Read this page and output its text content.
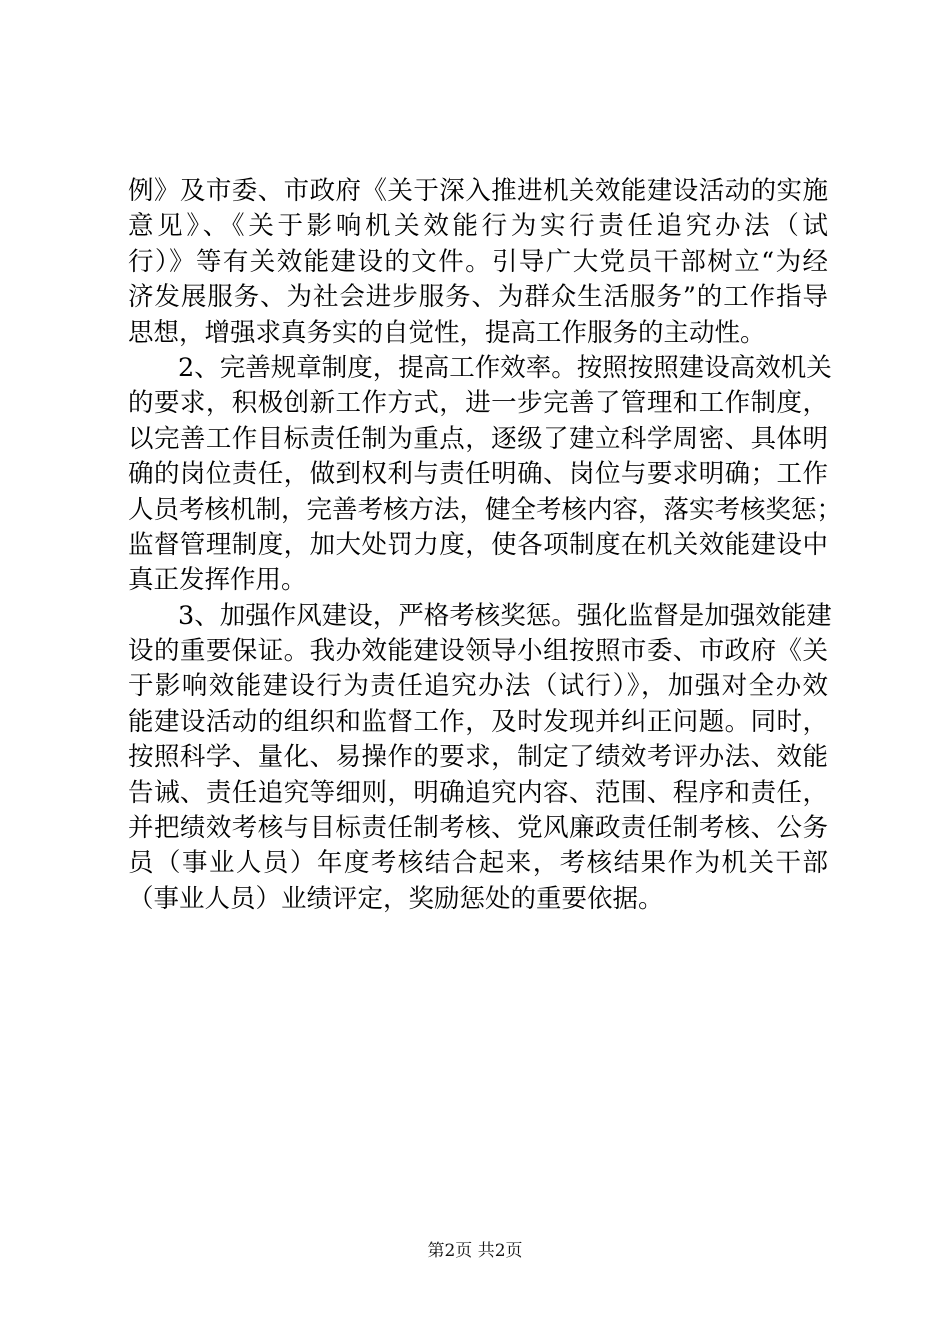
例》及市委、市政府《关于深入推进机关效能建设活动的实施
意见》、《关于影响机关效能行为实行责任追究办法（试
行）》等有关效能建设的文件。引导广大党员干部树立“为经
济发展服务、为社会进步服务、为群众生活服务”的工作指导
思想，增强求真务实的自觉性，提高工作服务的主动性。
2、完善规章制度，提高工作效率。按照按照建设高效机关
的要求，积极创新工作方式，进一步完善了管理和工作制度，
以完善工作目标责任制为重点，逐级了建立科学周密、具体明
确的岗位责任，做到权利与责任明确、岗位与要求明确；工作
人员考核机制，完善考核方法，健全考核内容，落实考核奖惩；
监督管理制度，加大处罚力度，使各项制度在机关效能建设中
真正发挥作用。
3、加强作风建设，严格考核奖惩。强化监督是加强效能建
设的重要保证。我办效能建设领导小组按照市委、市政府《关
于影响效能建设行为责任追究办法（试行）》，加强对全办效
能建设活动的组织和监督工作，及时发现并纠正问题。同时，
按照科学、量化、易操作的要求，制定了绩效考评办法、效能
告诫、责任追究等细则，明确追究内容、范围、程序和责任，
并把绩效考核与目标责任制考核、党风廉政责任制考核、公务
员（事业人员）年度考核结合起来，考核结果作为机关干部
（事业人员）业绩评定，奖励惩处的重要依据。
第2页 共2页
